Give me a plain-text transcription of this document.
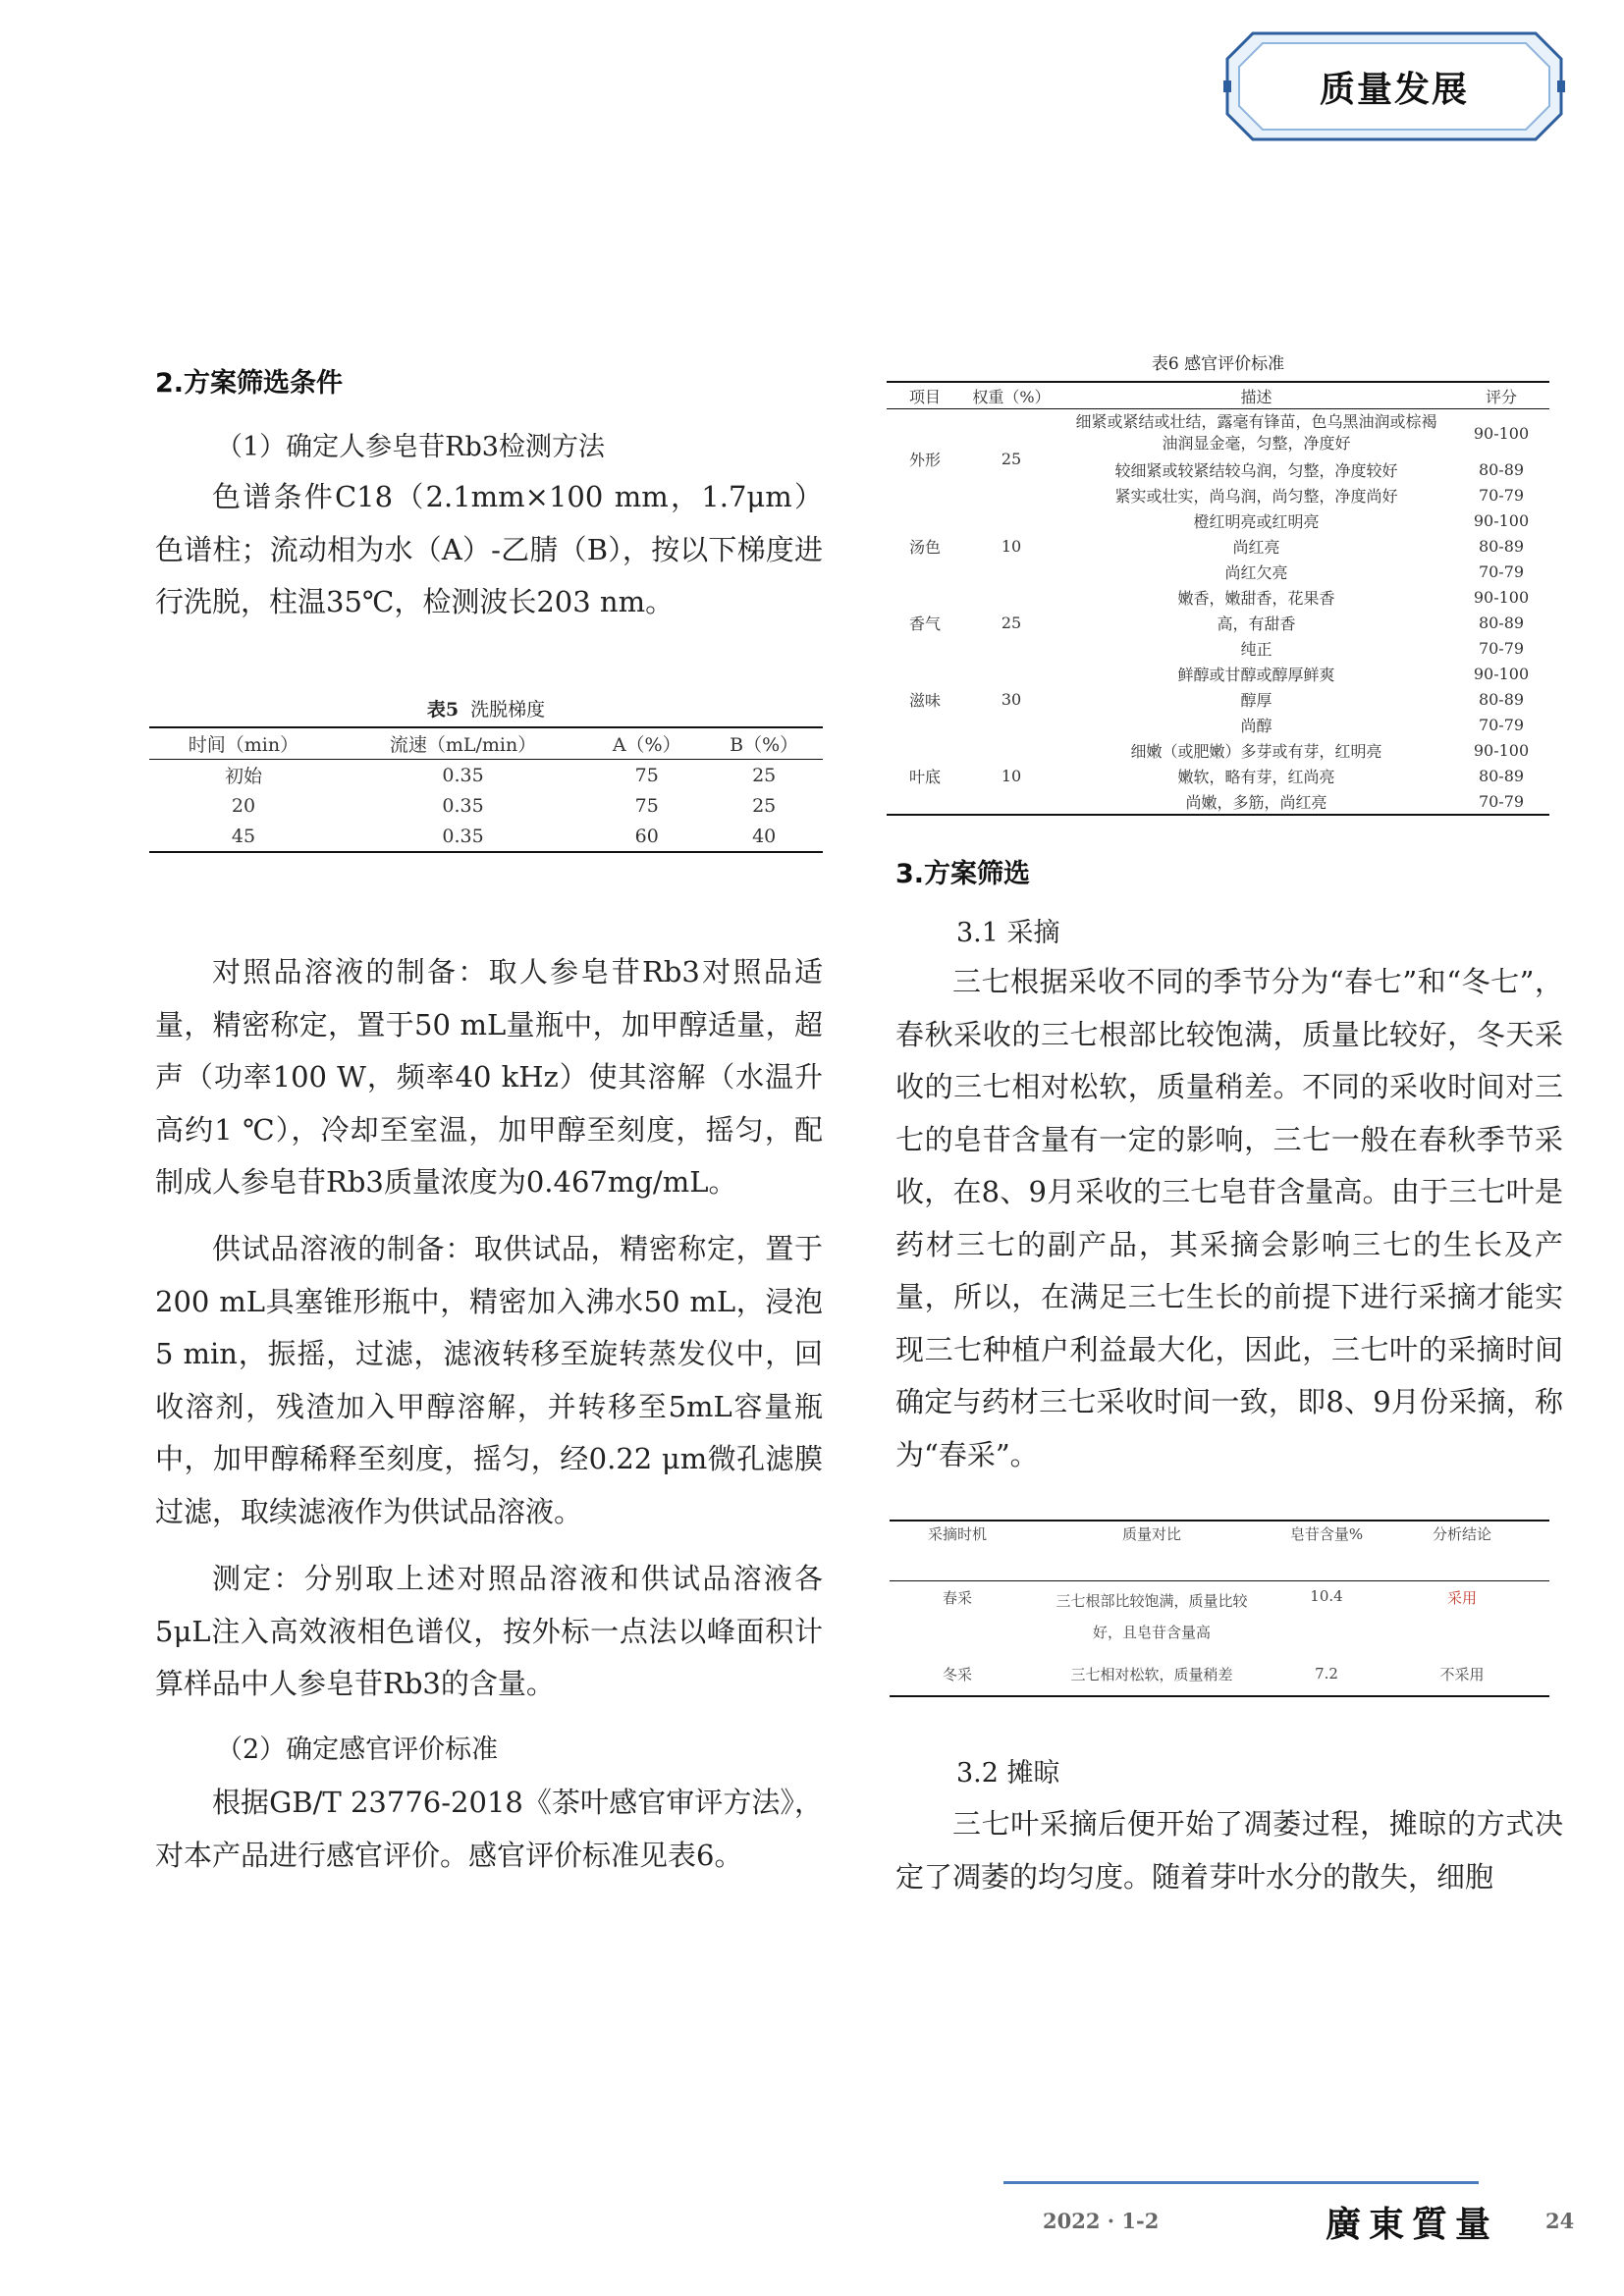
质量发展
2.方案筛选条件
（1）确定人参皂苷Rb3检测方法

色谱条件C18（2.1mm×100 mm，1.7μm）色谱柱；流动相为水（A）-乙腈（B），按以下梯度进行洗脱，柱温35℃，检测波长203 nm。

表5 洗脱梯度
时间（min）	流速（mL/min）	A（%）	B（%）
初始	0.35	75	25
20	0.35	75	25
45	0.35	60	40

对照品溶液的制备：取人参皂苷Rb3对照品适量，精密称定，置于50 mL量瓶中，加甲醇适量，超声（功率100 W，频率40 kHz）使其溶解（水温升高约1 ℃），冷却至室温，加甲醇至刻度，摇匀，配制成人参皂苷Rb3质量浓度为0.467mg/mL。

供试品溶液的制备：取供试品，精密称定，置于200 mL具塞锥形瓶中，精密加入沸水50 mL，浸泡5 min，振摇，过滤，滤液转移至旋转蒸发仪中，回收溶剂，残渣加入甲醇溶解，并转移至5mL容量瓶中，加甲醇稀释至刻度，摇匀，经0.22 μm微孔滤膜过滤，取续滤液作为供试品溶液。

测定：分别取上述对照品溶液和供试品溶液各5μL注入高效液相色谱仪，按外标一点法以峰面积计算样品中人参皂苷Rb3的含量。

（2）确定感官评价标准

根据GB/T 23776-2018《茶叶感官审评方法》，对本产品进行感官评价。感官评价标准见表6。

表6 感官评价标准
项目	权重（%）	描述	评分
外形	25	细紧或紧结或壮结，露毫有锋苗，色乌黑油润或棕褐油润显金毫，匀整，净度好	90-100
		较细紧或较紧结较乌润，匀整，净度较好	80-89
		紧实或壮实，尚乌润，尚匀整，净度尚好	70-79
汤色	10	橙红明亮或红明亮	90-100
		尚红亮	80-89
		尚红欠亮	70-79
香气	25	嫩香，嫩甜香，花果香	90-100
		高，有甜香	80-89
		纯正	70-79
滋味	30	鲜醇或甘醇或醇厚鲜爽	90-100
		醇厚	80-89
		尚醇	70-79
叶底	10	细嫩（或肥嫩）多芽或有芽，红明亮	90-100
		嫩软，略有芽，红尚亮	80-89
		尚嫩，多筋，尚红亮	70-79
3.方案筛选
3.1 采摘

三七根据采收不同的季节分为“春七”和“冬七”，春秋采收的三七根部比较饱满，质量比较好，冬天采收的三七相对松软，质量稍差。不同的采收时间对三七的皂苷含量有一定的影响，三七一般在春秋季节采收，在8、9月采收的三七皂苷含量高。由于三七叶是药材三七的副产品，其采摘会影响三七的生长及产量，所以，在满足三七生长的前提下进行采摘才能实现三七种植户利益最大化，因此，三七叶的采摘时间确定与药材三七采收时间一致，即8、9月份采摘，称为“春采”。

采摘时机	质量对比	皂苷含量%	分析结论
春采	三七根部比较饱满，质量比较好，且皂苷含量高	10.4	采用
冬采	三七相对松软，质量稍差	7.2	不采用
3.2 摊晾

三七叶采摘后便开始了凋萎过程，摊晾的方式决定了凋萎的均匀度。随着芽叶水分的散失，细胞

2022 · 1-2	廣東質量 24
